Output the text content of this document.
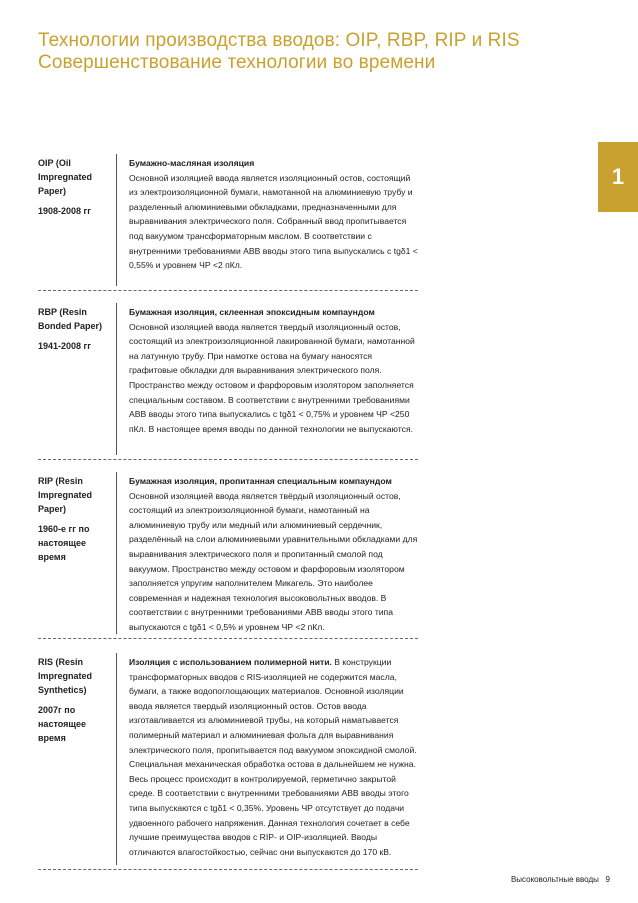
Технологии производства вводов: OIP, RBP, RIP и RIS
Совершенствование технологии во времени
1
OIP (Oil Impregnated Paper)
1908-2008 гг
Бумажно-масляная изоляция
Основной изоляцией ввода является изоляционный остов, состоящий из электроизоляционной бумаги, намотанной на алюминиевую трубу и разделенный алюминиевыми обкладками, предназначенными для выравнивания электрического поля. Собранный ввод пропитывается под вакуумом трансформаторным маслом. В соответствии с внутренними требованиями АВВ вводы этого типа выпускались с tgδ1 < 0,55% и уровнем ЧР <2 пКл.
RBP (Resin Bonded Paper)
1941-2008 гг
Бумажная изоляция, склеенная эпоксидным компаундом
Основной изоляцией ввода является твердый изоляционный остов, состоящий из электроизоляционной лакированной бумаги, намотанной на латунную трубу. При намотке остова на бумагу наносятся графитовые обкладки для выравнивания электрического поля. Пространство между остовом и фарфоровым изолятором заполняется специальным составом. В соответствии с внутренними требованиями АВВ вводы этого типа выпускались с tgδ1 < 0,75% и уровнем ЧР <250 пКл. В настоящее время вводы по данной технологии не выпускаются.
RIP (Resin Impregnated Paper)
1960-е гг по настоящее время
Бумажная изоляция, пропитанная специальным компаундом
Основной изоляцией ввода является твёрдый изоляционный остов, состоящий из электроизоляционной бумаги, намотанный на алюминиевую трубу или медный или алюминиевый сердечник, разделённый на слои алюминиевыми уравнительными обкладками для выравнивания электрического поля и пропитанный смолой под вакуумом. Пространство между остовом и фарфоровым изолятором заполняется упругим наполнителем Микагель. Это наиболее современная и надежная технология высоковольтных вводов. В соответствии с внутренними требованиями АВВ вводы этого типа выпускаются с tgδ1 < 0,5% и уровнем ЧР <2 пКл.
RIS (Resin Impregnated Synthetics)
2007г по настоящее время
Изоляция с использованием полимерной нити. В конструкции трансформаторных вводов с RIS-изоляцией не содержится масла, бумаги, а также водопоглощающих материалов. Основной изоляции ввода является твердый изоляционный остов. Остов ввода изготавливается из алюминиевой трубы, на который наматывается полимерный материал и алюминиевая фольга для выравнивания электрического поля, пропитывается под вакуумом эпоксидной смолой. Специальная механическая обработка остова в дальнейшем не нужна. Весь процесс происходит в контролируемой, герметично закрытой среде. В соответствии с внутренними требованиями АВВ вводы этого типа выпускаются с tgδ1 < 0,35%. Уровень ЧР отсутствует до подачи удвоенного рабочего напряжения. Данная технология сочетает в себе лучшие преимущества вводов с RIP- и OIP-изоляцией. Вводы отличаются влагостойкостью, сейчас они выпускаются до 170 кВ.
Высоковольтные вводы 9
